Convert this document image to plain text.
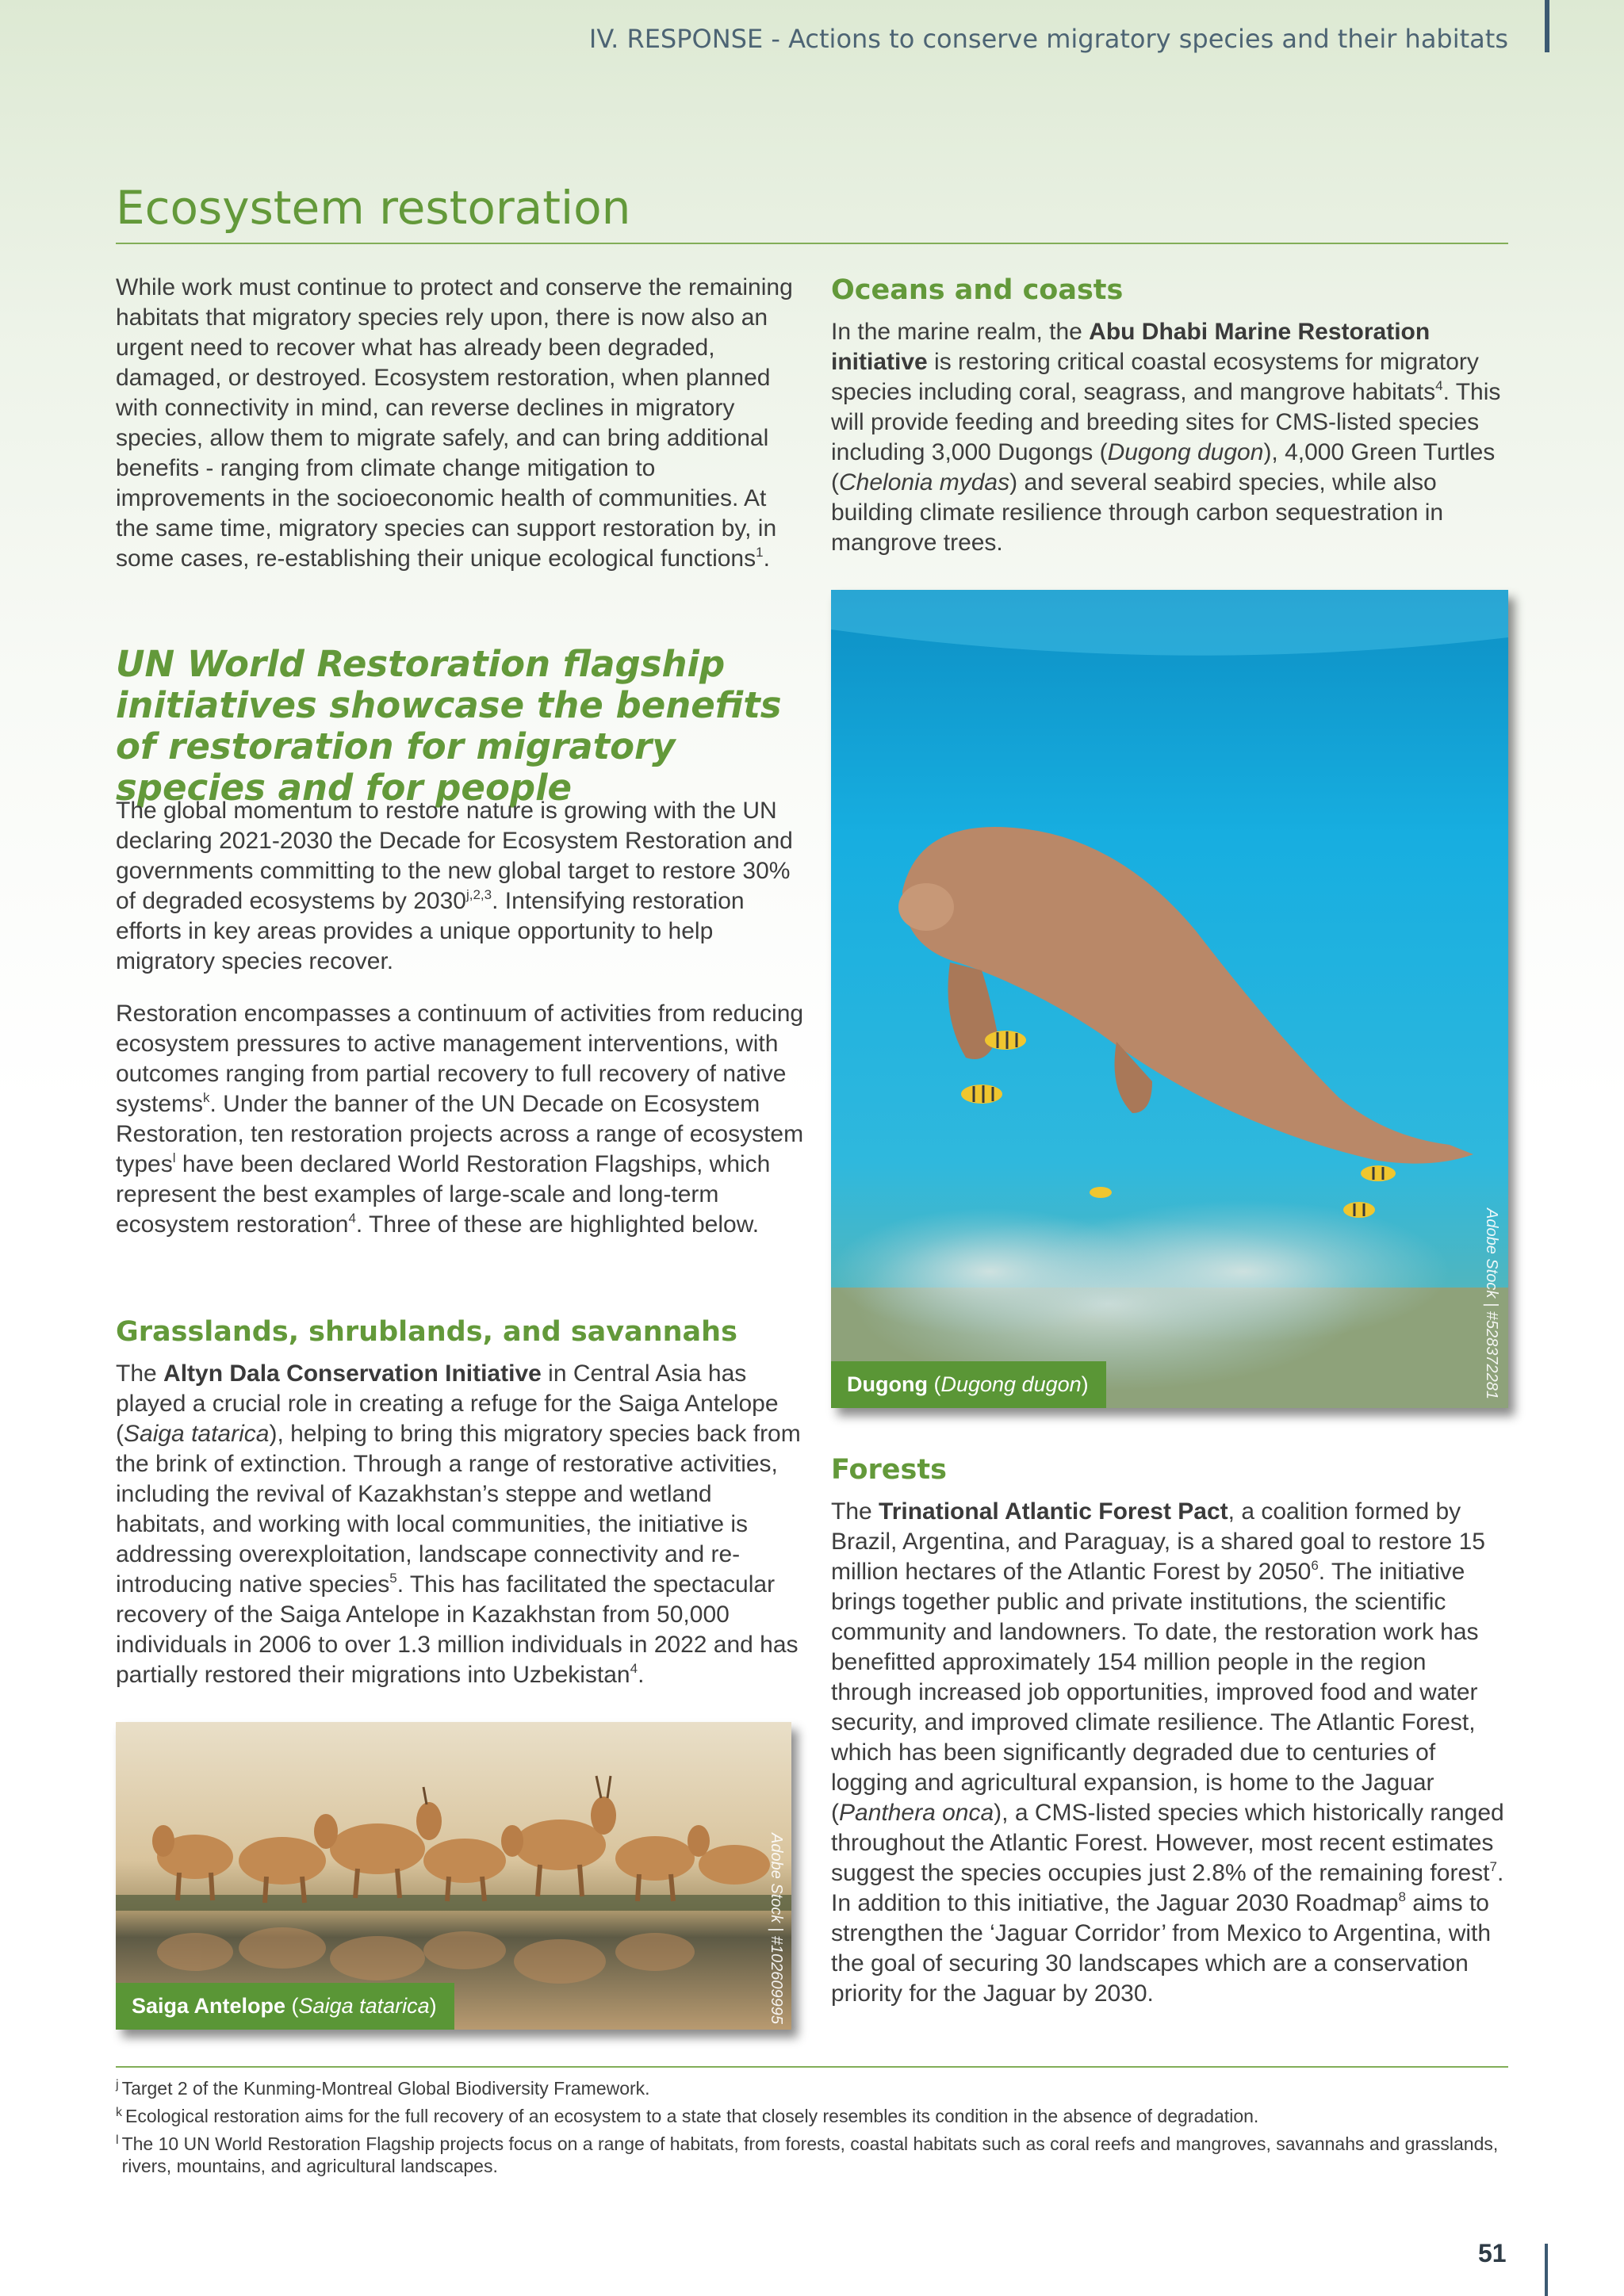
IV. RESPONSE - Actions to conserve migratory species and their habitats
Ecosystem restoration

While work must continue to protect and conserve the remaining habitats that migratory species rely upon, there is now also an urgent need to recover what has already been degraded, damaged, or destroyed. Ecosystem restoration, when planned with connectivity in mind, can reverse declines in migratory species, allow them to migrate safely, and can bring additional benefits - ranging from climate change mitigation to improvements in the socioeconomic health of communities. At the same time, migratory species can support restoration by, in some cases, re-establishing their unique ecological functions$^1$.

UN World Restoration flagship initiatives showcase the benefits of restoration for migratory species and for people

The global momentum to restore nature is growing with the UN declaring 2021-2030 the Decade for Ecosystem Restoration and governments committing to the new global target to restore 30% of degraded ecosystems by 2030$^{j,2,3}$. Intensifying restoration efforts in key areas provides a unique opportunity to help migratory species recover.

Restoration encompasses a continuum of activities from reducing ecosystem pressures to active management interventions, with outcomes ranging from partial recovery to full recovery of native systems$^k$. Under the banner of the UN Decade on Ecosystem Restoration, ten restoration projects across a range of ecosystem types$^l$ have been declared World Restoration Flagships, which represent the best examples of large-scale and long-term ecosystem restoration$^4$. Three of these are highlighted below.

Grasslands, shrublands, and savannahs

The Altyn Dala Conservation Initiative in Central Asia has played a crucial role in creating a refuge for the Saiga Antelope (Saiga tatarica), helping to bring this migratory species back from the brink of extinction. Through a range of restorative activities, including the revival of Kazakhstan’s steppe and wetland habitats, and working with local communities, the initiative is addressing overexploitation, landscape connectivity and re-introducing native species$^5$. This has facilitated the spectacular recovery of the Saiga Antelope in Kazakhstan from 50,000 individuals in 2006 to over 1.3 million individuals in 2022 and has partially restored their migrations into Uzbekistan$^4$.

Adobe Stock | #102609995
Saiga Antelope (Saiga tatarica)
Oceans and coasts

In the marine realm, the Abu Dhabi Marine Restoration initiative is restoring critical coastal ecosystems for migratory species including coral, seagrass, and mangrove habitats$^4$. This will provide feeding and breeding sites for CMS-listed species including 3,000 Dugongs (Dugong dugon), 4,000 Green Turtles (Chelonia mydas) and several seabird species, while also building climate resilience through carbon sequestration in mangrove trees.

Adobe Stock | #528372281
Dugong (Dugong dugon)
Forests

The Trinational Atlantic Forest Pact, a coalition formed by Brazil, Argentina, and Paraguay, is a shared goal to restore 15 million hectares of the Atlantic Forest by 2050$^6$. The initiative brings together public and private institutions, the scientific community and landowners. To date, the restoration work has benefitted approximately 154 million people in the region through increased job opportunities, improved food and water security, and improved climate resilience. The Atlantic Forest, which has been significantly degraded due to centuries of logging and agricultural expansion, is home to the Jaguar (Panthera onca), a CMS-listed species which historically ranged throughout the Atlantic Forest. However, most recent estimates suggest the species occupies just 2.8% of the remaining forest$^7$. In addition to this initiative, the Jaguar 2030 Roadmap$^8$ aims to strengthen the ‘Jaguar Corridor’ from Mexico to Argentina, with the goal of securing 30 landscapes which are a conservation priority for the Jaguar by 2030.

j Target 2 of the Kunming-Montreal Global Biodiversity Framework.
k Ecological restoration aims for the full recovery of an ecosystem to a state that closely resembles its condition in the absence of degradation.
l The 10 UN World Restoration Flagship projects focus on a range of habitats, from forests, coastal habitats such as coral reefs and mangroves, savannahs and grasslands, rivers, mountains, and agricultural landscapes.
51
